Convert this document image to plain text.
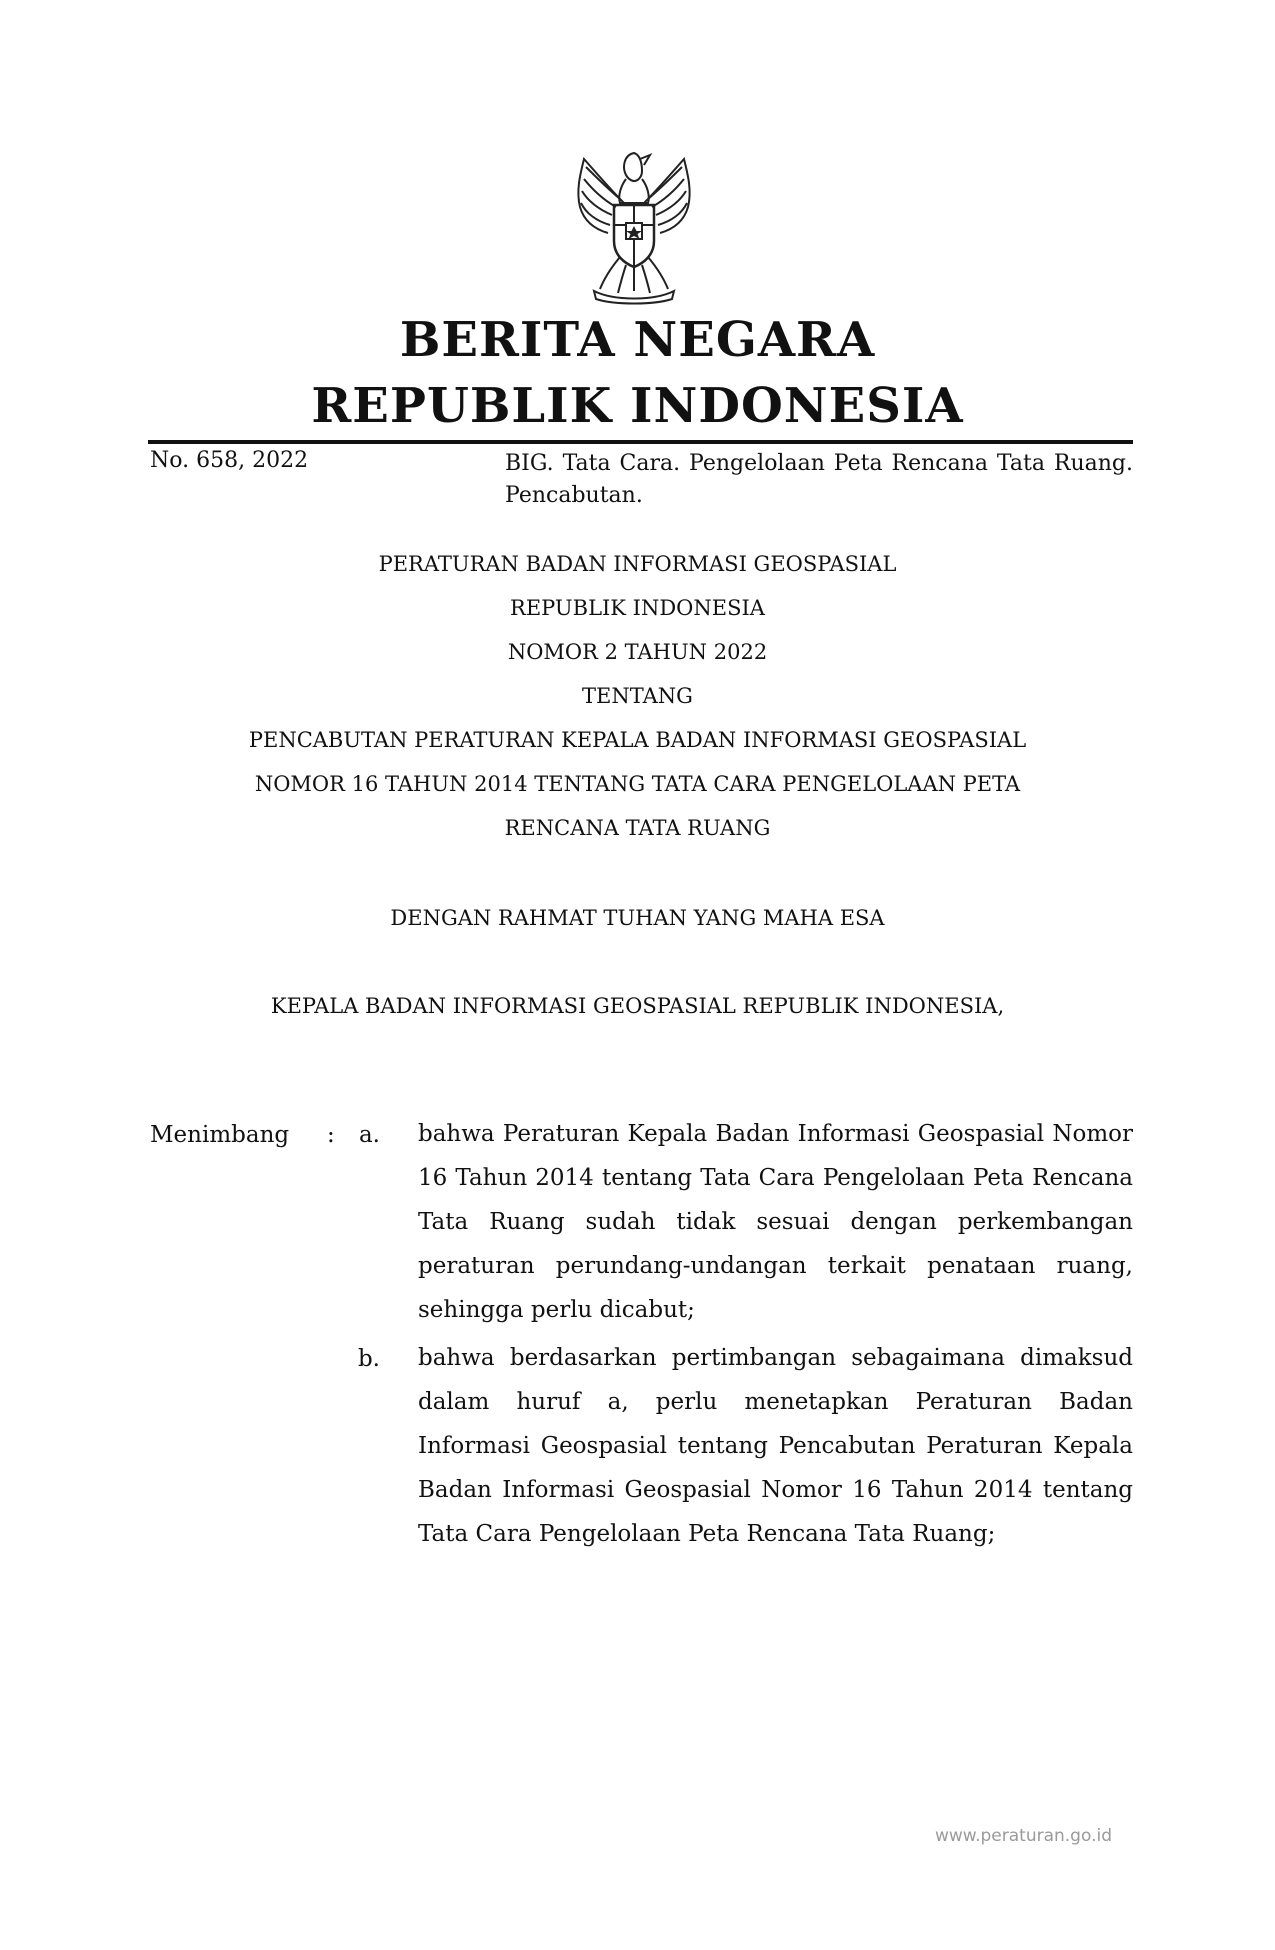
BERITA NEGARA
REPUBLIK INDONESIA
No. 658, 2022	BIG. Tata Cara. Pengelolaan Peta Rencana Tata Ruang. Pencabutan.
PERATURAN BADAN INFORMASI GEOSPASIAL
REPUBLIK INDONESIA
NOMOR 2 TAHUN 2022
TENTANG
PENCABUTAN PERATURAN KEPALA BADAN INFORMASI GEOSPASIAL
NOMOR 16 TAHUN 2014 TENTANG TATA CARA PENGELOLAAN PETA
RENCANA TATA RUANG
DENGAN RAHMAT TUHAN YANG MAHA ESA
KEPALA BADAN INFORMASI GEOSPASIAL REPUBLIK INDONESIA,
Menimbang :	a. bahwa Peraturan Kepala Badan Informasi Geospasial Nomor 16 Tahun 2014 tentang Tata Cara Pengelolaan Peta Rencana Tata Ruang sudah tidak sesuai dengan perkembangan peraturan perundang-undangan terkait penataan ruang, sehingga perlu dicabut;
b. bahwa berdasarkan pertimbangan sebagaimana dimaksud dalam huruf a, perlu menetapkan Peraturan Badan Informasi Geospasial tentang Pencabutan Peraturan Kepala Badan Informasi Geospasial Nomor 16 Tahun 2014 tentang Tata Cara Pengelolaan Peta Rencana Tata Ruang;
www.peraturan.go.id
